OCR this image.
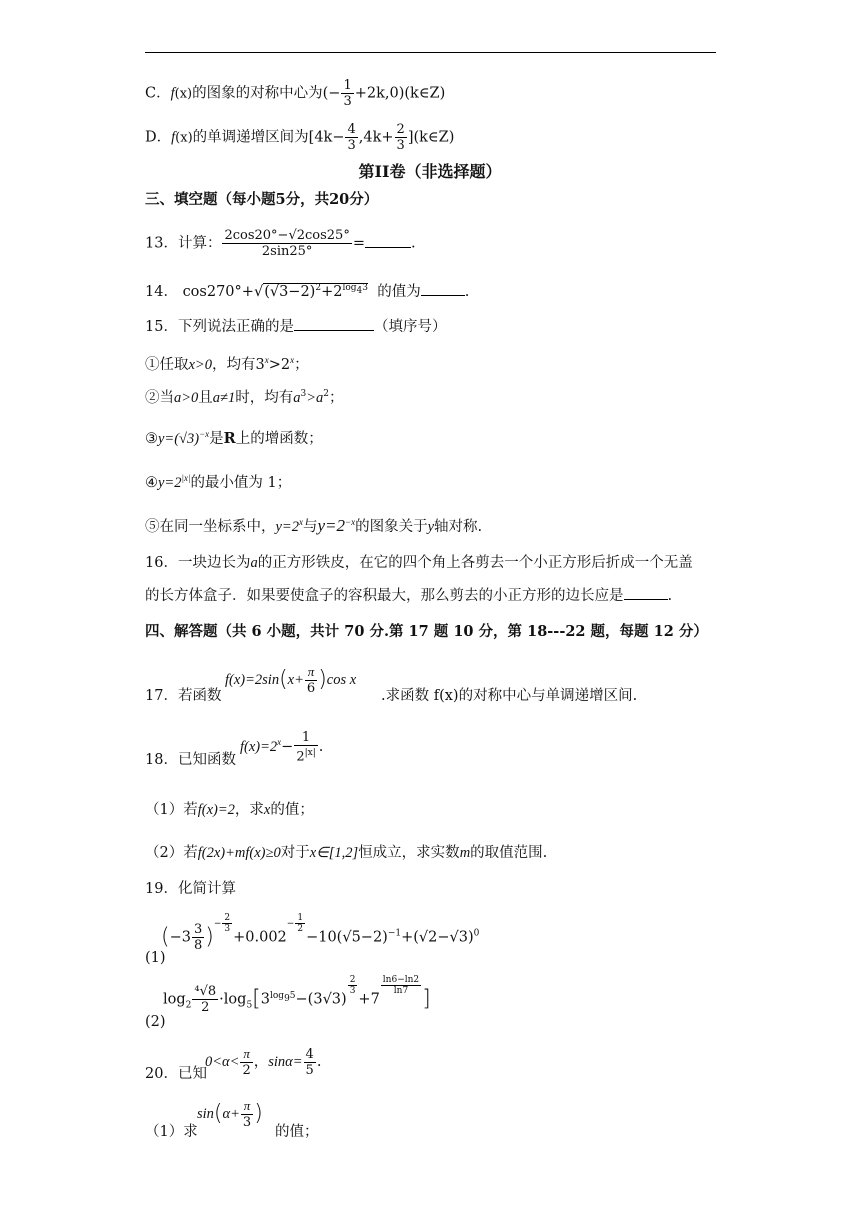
C．f(x)的图象的对称中心为(− $\frac{1}{3}$ +2k,0)(k∈Z)
D．f(x)的单调递增区间为[$4k- \frac{4}{3} ,4k+ \frac{2}{3}$ ](k∈Z)
第II卷（非选择题）
三、填空题（每小题5分，共20分）
13．计算： $\frac{2\cos 20^\circ-√2\cos 25^\circ}{2\sin 25^\circ}$ =	.
14． $\cos 270^\circ+√(√3-2)^2+2^{log_43}$ 的值为	.
15．下列说法正确的是	（填序号）
①任取x>0，均有$3^x>2^x$；
②当a>0且a≠1时，均有$a^3>a^2$；
$③y=(√3)^{-x}$是R上的增函数；
$④y=2^{|x|}$的最小值为 1；
⑤在同一坐标系中，$y=2^x$与$y=2^{-x}$的图象关于y轴对称.
16．一块边长为a的正方形铁皮，在它的四个角上各剪去一个小正方形后折成一个无盖
的长方体盒子．如果要使盒子的容积最大，那么剪去的小正方形的边长应是	.
四、解答题（共 6 小题，共计 70 分.第 17 题 10 分，第 18---22 题，每题 12 分）
17．若函数
$f(x)=2\sin(x+ \frac{\pi}{6} )\cos$ x
.求函数 f(x)的对称中心与单调递增区间.
18．已知函数
$f(x)=2^x- \frac{1}{2^{|x|}}$ .
（1）若f(x)=2，求x的值；
（2）若f(2x)+mf(x)≥0对于x∈[1,2]恒成立，求实数m的取值范围.
19．化简计算
(1)
$(-3 \frac{3}{8} )^{- \frac{2}{3}}$
$+0.002^{- \frac{1}{2}}$
$-10(√5-2)^{-1}+(√2-√3)^0$
(2)
$\log_2 \frac{\text{⁴√8}}{2} \cdot\log_5[3^{log_95}-(3√3)$
$^{\frac{2}{3}}$
+7
$^{\frac{\ln 6-\ln 2}{\ln 7}}$
]
20．已知
$0<\alpha< \frac{\pi}{2}$ ，$\sin\alpha= \frac{4}{5}$ .
（1）求
$\sin(\alpha+ \frac{\pi}{3}$ )
的值；
